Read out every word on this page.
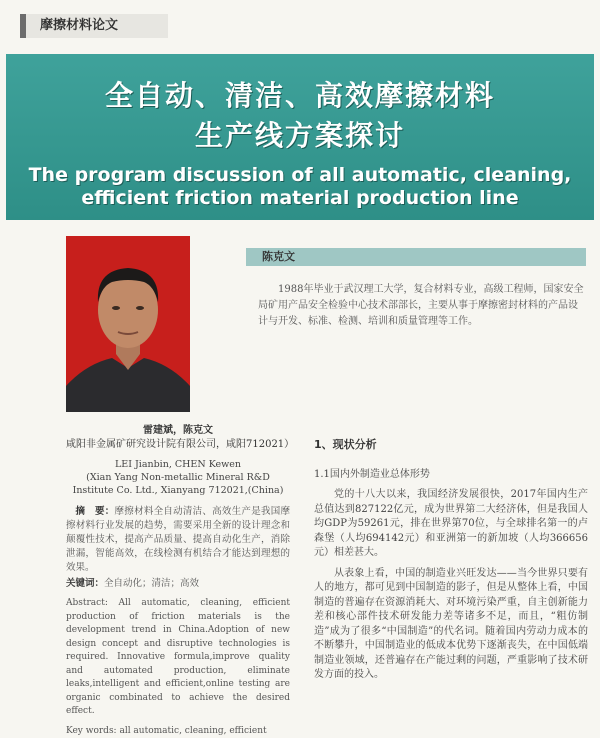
摩擦材料论文
全自动、清洁、高效摩擦材料
生产线方案探讨
The program discussion of all automatic, cleaning,
efficient friction material production line
陈克文

1988年毕业于武汉理工大学，复合材料专业，高级工程师，国家安全局矿用产品安全检验中心技术部部长，主要从事于摩擦密封材料的产品设计与开发、标准、检测、培训和质量管理等工作。

雷建斌，陈克文
咸阳非金属矿研究设计院有限公司，咸阳712021）
LEI Jianbin, CHEN Kewen
(Xian Yang Non-metallic Mineral R&D Institute Co. Ltd., Xianyang 712021,(China)

摘　要：摩擦材料全自动清洁、高效生产是我国摩擦材料行业发展的趋势，需要采用全新的设计理念和颠覆性技术，提高产品质量、提高自动化生产，消除泄漏，智能高效，在线检测有机结合才能达到理想的效果。

关键词：全自动化；清洁；高效

Abstract: All automatic, cleaning, efficient production of friction materials is the development trend in China.Adoption of new design concept and disruptive technologies is required. Innovative formula,improve quality and automated production, eliminate leaks,intelligent and efficient,online testing are organic combinated to achieve the desired effect.

Key words: all automatic, cleaning, efficient

1、现状分析
1.1国内外制造业总体形势

党的十八大以来，我国经济发展很快，2017年国内生产总值达到827122亿元，成为世界第二大经济体，但是我国人均GDP为59261元，排在世界第70位，与全球排名第一的卢森堡（人均694142元）和亚洲第一的新加坡（人均366656元）相差甚大。

从表象上看，中国的制造业兴旺发达——当今世界只要有人的地方，都可见到中国制造的影子，但是从整体上看，中国制造的普遍存在资源消耗大、对环境污染严重，自主创新能力差和核心部件技术研发能力差等诸多不足，而且，“粗仿制造”成为了很多“中国制造”的代名词。随着国内劳动力成本的不断攀升，中国制造业的低成本优势下逐渐丧失，在中国低端制造业领域，还普遍存在产能过剩的问题，严重影响了技术研发方面的投入。
